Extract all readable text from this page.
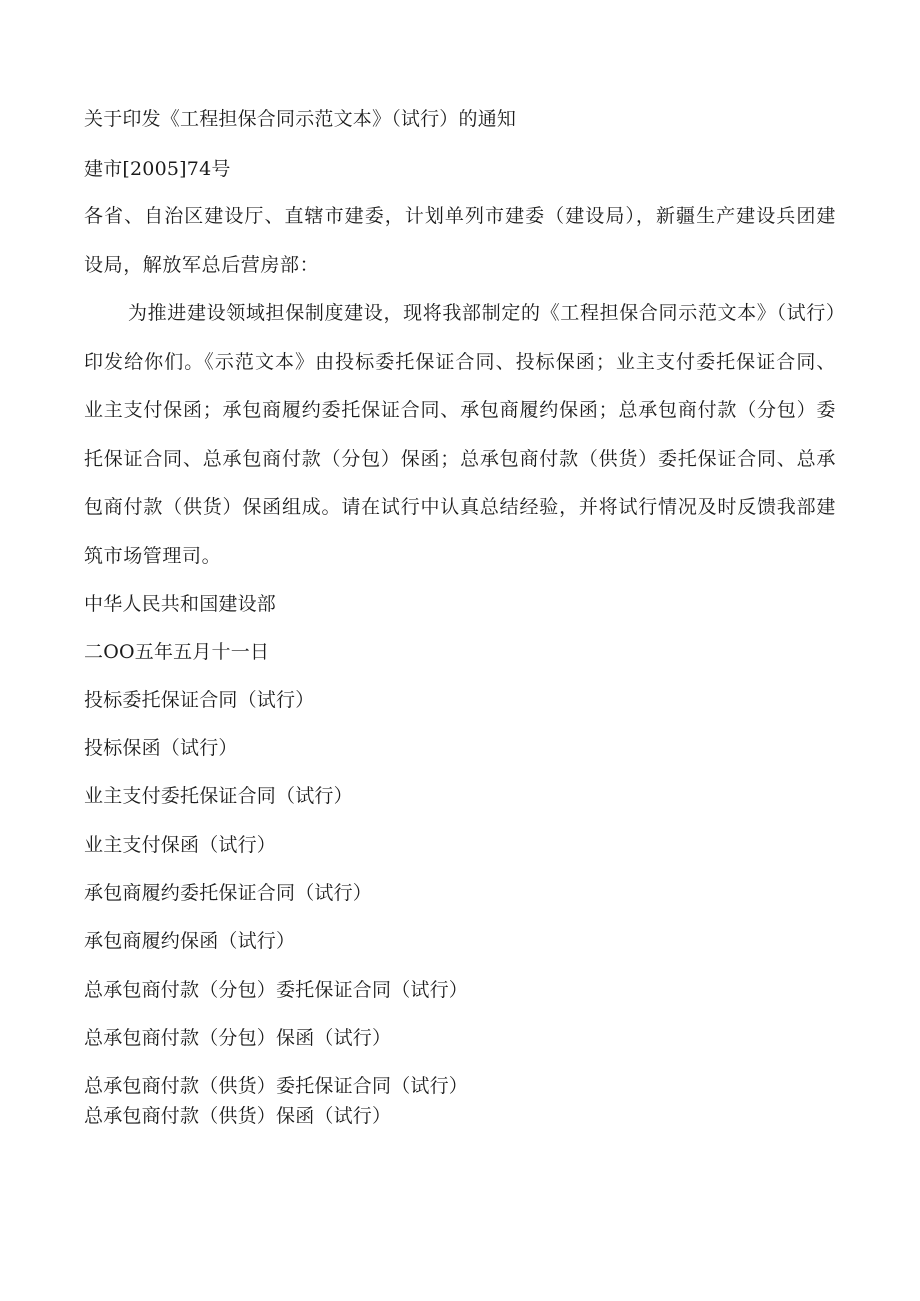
关于印发《工程担保合同示范文本》（试行）的通知
建市[2005]74号
各省、自治区建设厅、直辖市建委，计划单列市建委（建设局），新疆生产建设兵团建设局，解放军总后营房部：
为推进建设领域担保制度建设，现将我部制定的《工程担保合同示范文本》（试行）印发给你们。《示范文本》由投标委托保证合同、投标保函；业主支付委托保证合同、业主支付保函；承包商履约委托保证合同、承包商履约保函；总承包商付款（分包）委托保证合同、总承包商付款（分包）保函；总承包商付款（供货）委托保证合同、总承包商付款（供货）保函组成。请在试行中认真总结经验，并将试行情况及时反馈我部建筑市场管理司。
中华人民共和国建设部
二OO五年五月十一日
投标委托保证合同（试行）
投标保函（试行）
业主支付委托保证合同（试行）
业主支付保函（试行）
承包商履约委托保证合同（试行）
承包商履约保函（试行）
总承包商付款（分包）委托保证合同（试行）
总承包商付款（分包）保函（试行）
总承包商付款（供货）委托保证合同（试行）
总承包商付款（供货）保函（试行）
